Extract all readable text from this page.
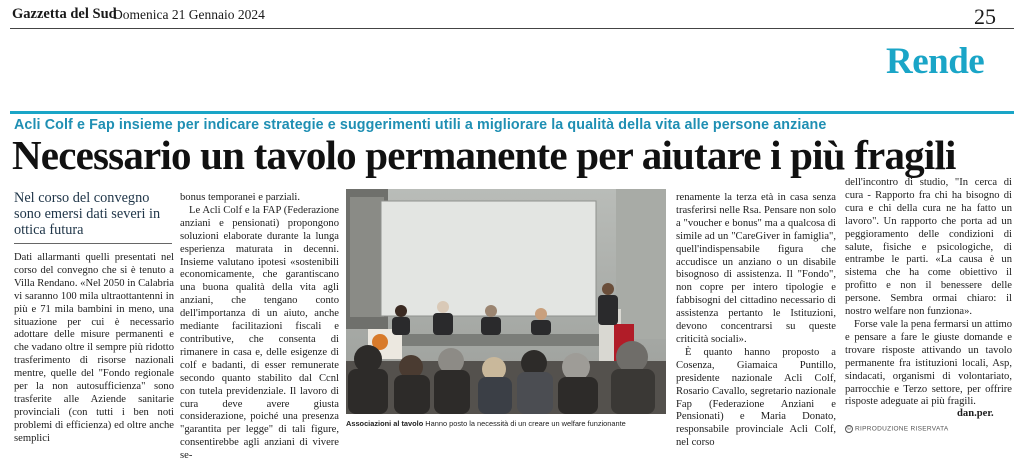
Gazzetta del Sud
Domenica 21 Gennaio 2024	25
Rende
Acli Colf e Fap insieme per indicare strategie e suggerimenti utili a migliorare la qualità della vita alle persone anziane
Necessario un tavolo permanente per aiutare i più fragili
Nel corso del convegno sono emersi dati severi in ottica futura

Dati allarmanti quelli presentati nel corso del convegno che si è tenuto a Villa Rendano. «Nel 2050 in Calabria vi saranno 100 mila ultraottantenni in più e 71 mila bambini in meno, una situazione per cui è necessario adottare delle misure permanenti e che vadano oltre il sempre più ridotto trasferimento di risorse nazionali mentre, quelle del "Fondo regionale per la non autosufficienza" sono trasferite alle Aziende sanitarie provinciali (con tutti i ben noti problemi di efficienza) ed oltre anche semplici

bonus temporanei e parziali.

Le Acli Colf e la FAP (Federazione anziani e pensionati) propongono soluzioni elaborate durante la lunga esperienza maturata in decenni. Insieme valutano ipotesi «sostenibili economicamente, che garantiscano una buona qualità della vita agli anziani, che tengano conto dell'importanza di un aiuto, anche mediante facilitazioni fiscali e contributive, che consenta di rimanere in casa e, delle esigenze di colf e badanti, di esser remunerate secondo quanto stabilito dal Ccnl con tutela previdenziale. Il lavoro di cura deve avere giusta considerazione, poiché una presenza "garantita per legge" di tali figure, consentirebbe agli anziani di vivere se-

Associazioni al tavolo Hanno posto la necessità di un creare un welfare funzionante

renamente la terza età in casa senza trasferirsi nelle Rsa. Pensare non solo a "voucher e bonus" ma a qualcosa di simile ad un "CareGiver in famiglia", quell'indispensabile figura che accudisce un anziano o un disabile bisognoso di assistenza. Il "Fondo", non copre per intero tipologie e fabbisogni del cittadino necessario di assistenza pertanto le Istituzioni, devono concentrarsi su queste criticità sociali».

È quanto hanno proposto a Cosenza, Giamaica Puntillo, presidente nazionale Acli Colf, Rosario Cavallo, segretario nazionale Fap (Federazione Anziani e Pensionati) e Maria Donato, responsabile provinciale Acli Colf, nel corso

dell'incontro di studio, "In cerca di cura - Rapporto fra chi ha bisogno di cura e chi della cura ne ha fatto un lavoro". Un rapporto che porta ad un peggioramento delle condizioni di salute, fisiche e psicologiche, di entrambe le parti. «La causa è un sistema che ha come obiettivo il profitto e non il benessere delle persone. Sembra ormai chiaro: il nostro welfare non funziona».

Forse vale la pena fermarsi un attimo e pensare a fare le giuste domande e trovare risposte attivando un tavolo permanente fra istituzioni locali, Asp, sindacati, organismi di volontariato, parrocchie e Terzo settore, per offrire risposte adeguate ai più fragili.

dan.per.
© RIPRODUZIONE RISERVATA
